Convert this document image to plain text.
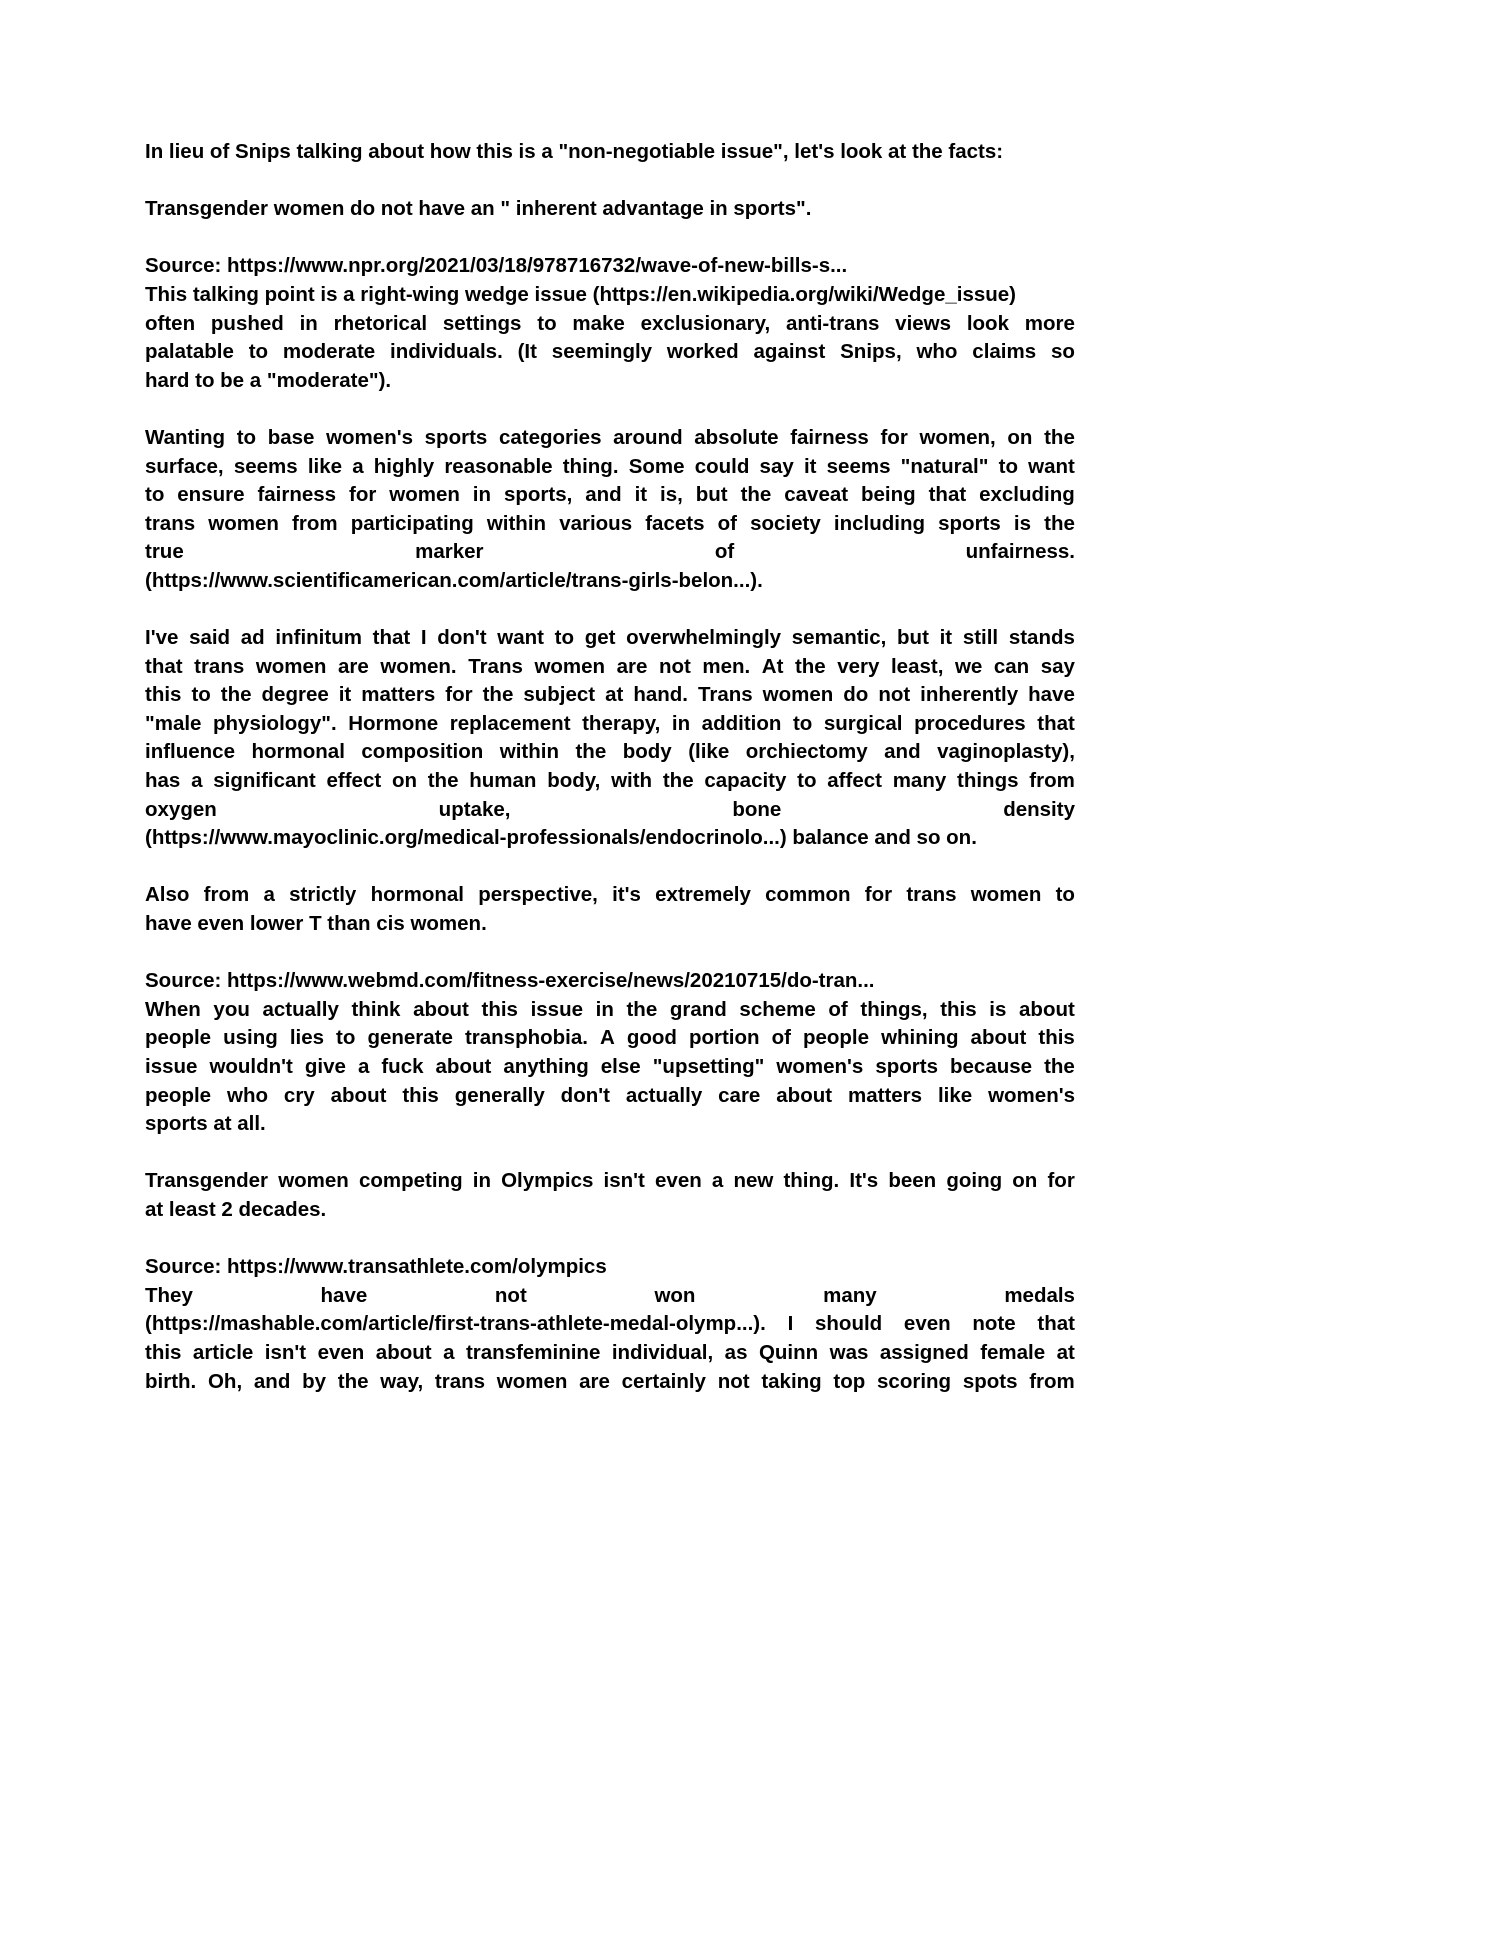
In lieu of Snips talking about how this is a "non-negotiable issue", let's look at the facts:

Transgender women do not have an " inherent advantage in sports".

Source: https://www.npr.org/2021/03/18/978716732/wave-of-new-bills-s...

This talking point is a right-wing wedge issue (https://en.wikipedia.org/wiki/Wedge_issue)
often pushed in rhetorical settings to make exclusionary, anti-trans views look more
palatable to moderate individuals. (It seemingly worked against Snips, who claims so
hard to be a "moderate").

Wanting to base women's sports categories around absolute fairness for women, on the
surface, seems like a highly reasonable thing. Some could say it seems "natural" to want
to ensure fairness for women in sports, and it is, but the caveat being that excluding
trans women from participating within various facets of society including sports is the
true	marker	of	unfairness.
(https://www.scientificamerican.com/article/trans-girls-belon...).

I've said ad infinitum that I don't want to get overwhelmingly semantic, but it still stands
that trans women are women. Trans women are not men. At the very least, we can say
this to the degree it matters for the subject at hand. Trans women do not inherently have
"male physiology". Hormone replacement therapy, in addition to surgical procedures that
influence hormonal composition within the body (like orchiectomy and vaginoplasty),
has a significant effect on the human body, with the capacity to affect many things from
oxygen	uptake,	bone	density
(https://www.mayoclinic.org/medical-professionals/endocrinolo...) balance and so on.

Also from a strictly hormonal perspective, it's extremely common for trans women to
have even lower T than cis women.

Source: https://www.webmd.com/fitness-exercise/news/20210715/do-tran...

When you actually think about this issue in the grand scheme of things, this is about
people using lies to generate transphobia. A good portion of people whining about this
issue wouldn't give a fuck about anything else "upsetting" women's sports because the
people who cry about this generally don't actually care about matters like women's
sports at all.

Transgender women competing in Olympics isn't even a new thing. It's been going on for
at least 2 decades.

Source: https://www.transathlete.com/olympics

They	have	not	won	many	medals
(https://mashable.com/article/first-trans-athlete-medal-olymp...). I should even note that
this article isn't even about a transfeminine individual, as Quinn was assigned female at
birth. Oh, and by the way, trans women are certainly not taking top scoring spots from
